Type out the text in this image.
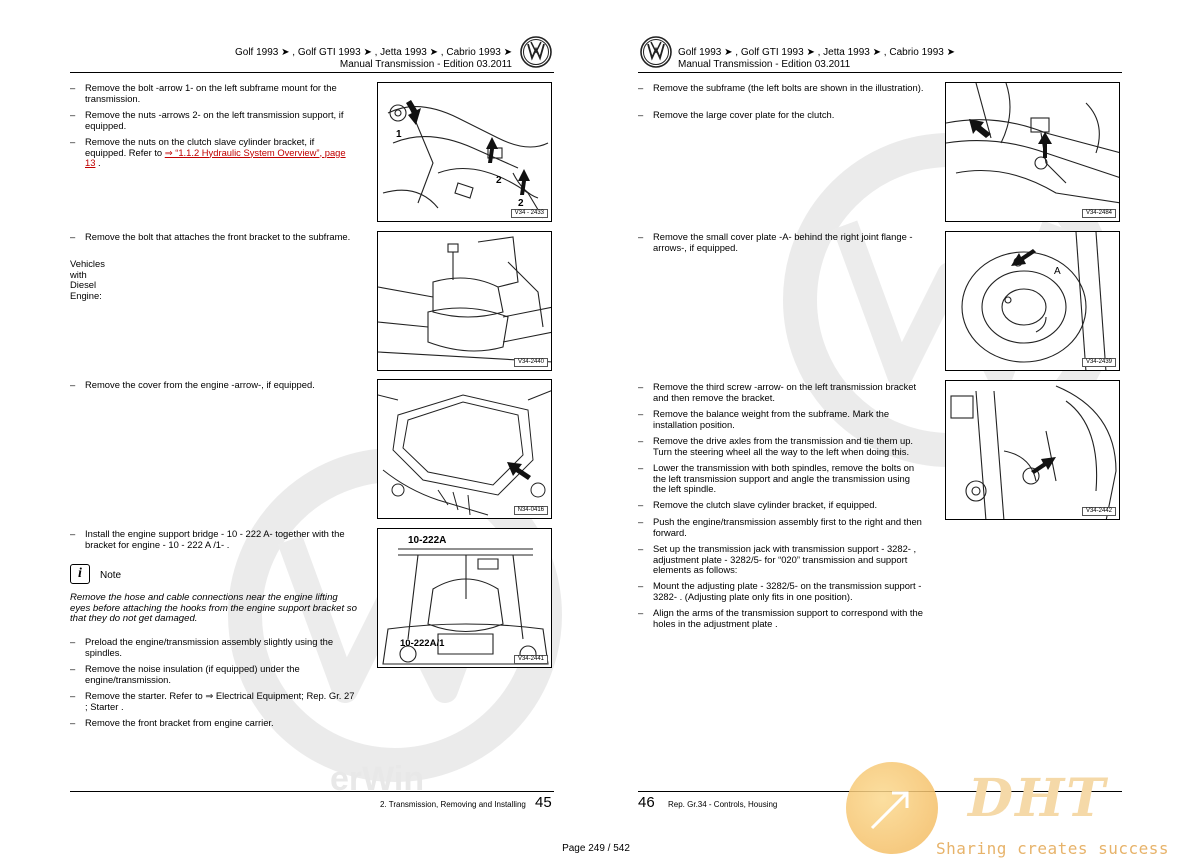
Golf 1993 ➤ , Golf GTI 1993 ➤ , Jetta 1993 ➤ , Cabrio 1993 ➤
Manual Transmission - Edition 03.2011
– Remove the bolt -arrow 1- on the left subframe mount for the transmission.
– Remove the nuts -arrows 2- on the left transmission support, if equipped.
– Remove the nuts on the clutch slave cylinder bracket, if equipped. Refer to ⇒ “1.1.2 Hydraulic System Overview”, page 13 .
– Remove the bolt that attaches the front bracket to the subframe.
Vehicles with Diesel Engine:
– Remove the cover from the engine -arrow-, if equipped.
– Install the engine support bridge - 10 - 222 A- together with the bracket for engine - 10 - 222 A /1- .
i	Note
Remove the hose and cable connections near the engine lifting eyes before attaching the hooks from the engine support bracket so that they do not get damaged.
– Preload the engine/transmission assembly slightly using the spindles.
– Remove the noise insulation (if equipped) under the engine/transmission.
– Remove the starter. Refer to ⇒ Electrical Equipment; Rep. Gr. 27 ; Starter .
– Remove the front bracket from engine carrier.
1
2
2
V34 - 2433
V34-2440
N34-0416
10-222A
10-222A/1
V34-2441
2. Transmission, Removing and Installing 45
Golf 1993 ➤ , Golf GTI 1993 ➤ , Jetta 1993 ➤ , Cabrio 1993 ➤
Manual Transmission - Edition 03.2011
– Remove the subframe (the left bolts are shown in the illustration).
– Remove the large cover plate for the clutch.
– Remove the small cover plate -A- behind the right joint flange -arrows-, if equipped.
– Remove the third screw -arrow- on the left transmission bracket and then remove the bracket.
– Remove the balance weight from the subframe. Mark the installation position.
– Remove the drive axles from the transmission and tie them up. Turn the steering wheel all the way to the left when doing this.
– Lower the transmission with both spindles, remove the bolts on the left transmission support and angle the transmission using the left spindle.
– Remove the clutch slave cylinder bracket, if equipped.
– Push the engine/transmission assembly first to the right and then forward.
– Set up the transmission jack with transmission support - 3282- , adjustment plate - 3282/5- for “020” transmission and support elements as follows:
– Mount the adjusting plate - 3282/5- on the transmission support - 3282- . (Adjusting plate only fits in one position).
– Align the arms of the transmission support to correspond with the holes in the adjustment plate .
V34-2484
A
V34-2439
V34-2442
46 Rep. Gr.34 - Controls, Housing
erWin	DHT
Sharing creates success
Page 249 / 542
